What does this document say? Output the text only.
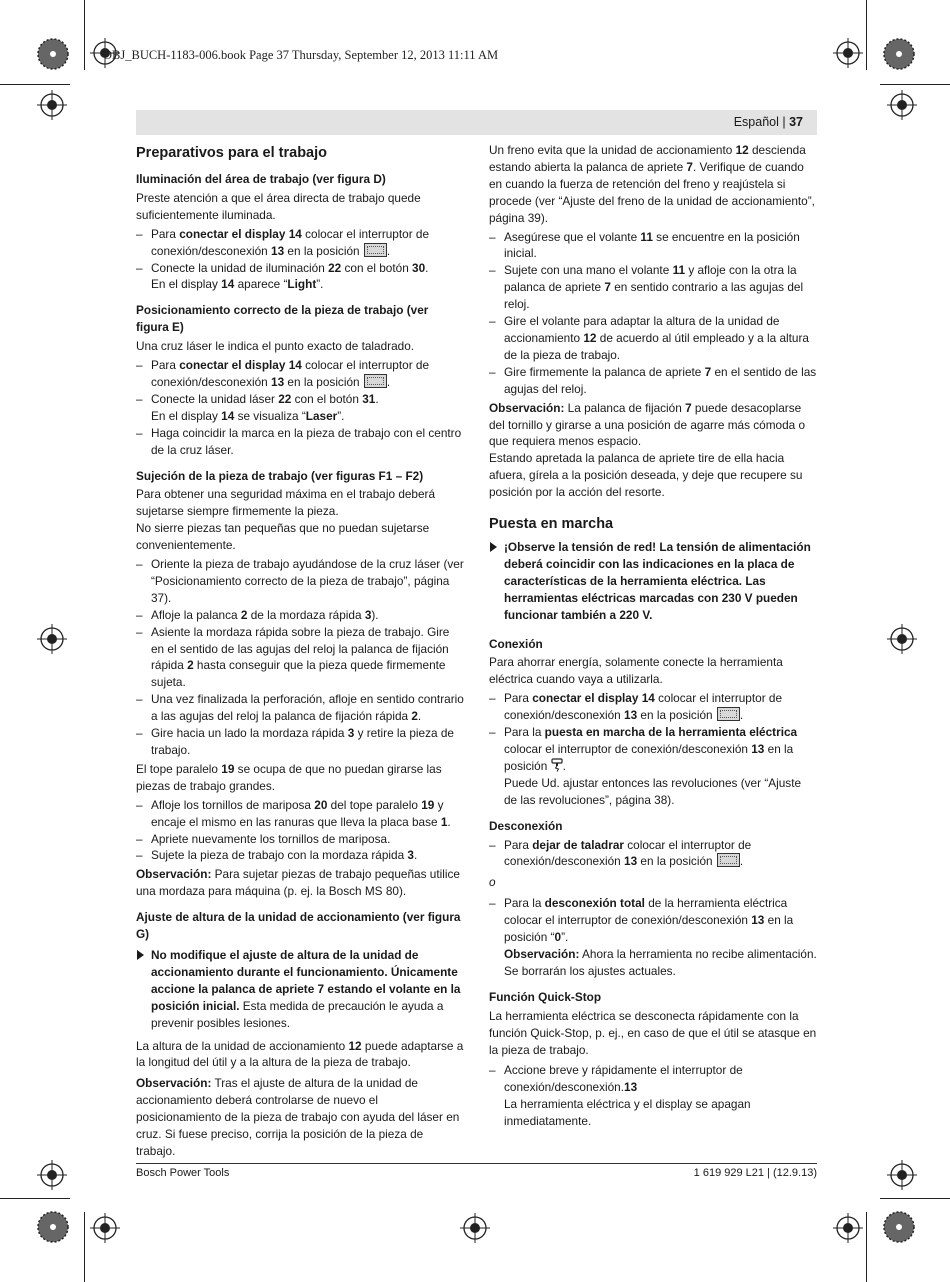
OBJ_BUCH-1183-006.book Page 37 Thursday, September 12, 2013 11:11 AM
Español | 37
Preparativos para el trabajo
Iluminación del área de trabajo (ver figura D)

Preste atención a que el área directa de trabajo quede suficientemente iluminada.

– Para conectar el display 14 colocar el interruptor de conexión/desconexión 13 en la posición .
– Conecte la unidad de iluminación 22 con el botón 30.
En el display 14 aparece “Light”.
Posicionamiento correcto de la pieza de trabajo (ver figura E)

Una cruz láser le indica el punto exacto de taladrado.

– Para conectar el display 14 colocar el interruptor de conexión/desconexión 13 en la posición .
– Conecte la unidad láser 22 con el botón 31.
En el display 14 se visualiza “Laser”.
– Haga coincidir la marca en la pieza de trabajo con el centro de la cruz láser.
Sujeción de la pieza de trabajo (ver figuras F1 – F2)

Para obtener una seguridad máxima en el trabajo deberá sujetarse siempre firmemente la pieza.

No sierre piezas tan pequeñas que no puedan sujetarse convenientemente.

– Oriente la pieza de trabajo ayudándose de la cruz láser (ver “Posicionamiento correcto de la pieza de trabajo”, página 37).
– Afloje la palanca 2 de la mordaza rápida 3).
– Asiente la mordaza rápida sobre la pieza de trabajo. Gire en el sentido de las agujas del reloj la palanca de fijación rápida 2 hasta conseguir que la pieza quede firmemente sujeta.
– Una vez finalizada la perforación, afloje en sentido contrario a las agujas del reloj la palanca de fijación rápida 2.
– Gire hacia un lado la mordaza rápida 3 y retire la pieza de trabajo.

El tope paralelo 19 se ocupa de que no puedan girarse las piezas de trabajo grandes.

– Afloje los tornillos de mariposa 20 del tope paralelo 19 y encaje el mismo en las ranuras que lleva la placa base 1.
– Apriete nuevamente los tornillos de mariposa.
– Sujete la pieza de trabajo con la mordaza rápida 3.

Observación: Para sujetar piezas de trabajo pequeñas utilice una mordaza para máquina (p. ej. la Bosch MS 80).

Ajuste de altura de la unidad de accionamiento (ver figura G)
No modifique el ajuste de altura de la unidad de accionamiento durante el funcionamiento. Únicamente accione la palanca de apriete 7 estando el volante en la posición inicial. Esta medida de precaución le ayuda a prevenir posibles lesiones.

La altura de la unidad de accionamiento 12 puede adaptarse a la longitud del útil y a la altura de la pieza de trabajo.

Observación: Tras el ajuste de altura de la unidad de accionamiento deberá controlarse de nuevo el posicionamiento de la pieza de trabajo con ayuda del láser en cruz. Si fuese preciso, corrija la posición de la pieza de trabajo.

Un freno evita que la unidad de accionamiento 12 descienda estando abierta la palanca de apriete 7. Verifique de cuando en cuando la fuerza de retención del freno y reajústela si procede (ver “Ajuste del freno de la unidad de accionamiento”, página 39).

– Asegúrese que el volante 11 se encuentre en la posición inicial.
– Sujete con una mano el volante 11 y afloje con la otra la palanca de apriete 7 en sentido contrario a las agujas del reloj.
– Gire el volante para adaptar la altura de la unidad de accionamiento 12 de acuerdo al útil empleado y a la altura de la pieza de trabajo.
– Gire firmemente la palanca de apriete 7 en el sentido de las agujas del reloj.

Observación: La palanca de fijación 7 puede desacoplarse del tornillo y girarse a una posición de agarre más cómoda o que requiera menos espacio.

Estando apretada la palanca de apriete tire de ella hacia afuera, gírela a la posición deseada, y deje que recupere su posición por la acción del resorte.

Puesta en marcha
¡Observe la tensión de red! La tensión de alimentación deberá coincidir con las indicaciones en la placa de características de la herramienta eléctrica. Las herramientas eléctricas marcadas con 230 V pueden funcionar también a 220 V.
Conexión

Para ahorrar energía, solamente conecte la herramienta eléctrica cuando vaya a utilizarla.

– Para conectar el display 14 colocar el interruptor de conexión/desconexión 13 en la posición .
– Para la puesta en marcha de la herramienta eléctrica colocar el interruptor de conexión/desconexión 13 en la posición .
Puede Ud. ajustar entonces las revoluciones (ver “Ajuste de las revoluciones”, página 38).
Desconexión
– Para dejar de taladrar colocar el interruptor de conexión/desconexión 13 en la posición .

o

– Para la desconexión total de la herramienta eléctrica colocar el interruptor de conexión/desconexión 13 en la posición “0”.
Observación: Ahora la herramienta no recibe alimentación. Se borrarán los ajustes actuales.
Función Quick-Stop

La herramienta eléctrica se desconecta rápidamente con la función Quick-Stop, p. ej., en caso de que el útil se atasque en la pieza de trabajo.

– Accione breve y rápidamente el interruptor de conexión/desconexión.13
La herramienta eléctrica y el display se apagan inmediatamente.
Bosch Power Tools	1 619 929 L21 | (12.9.13)
